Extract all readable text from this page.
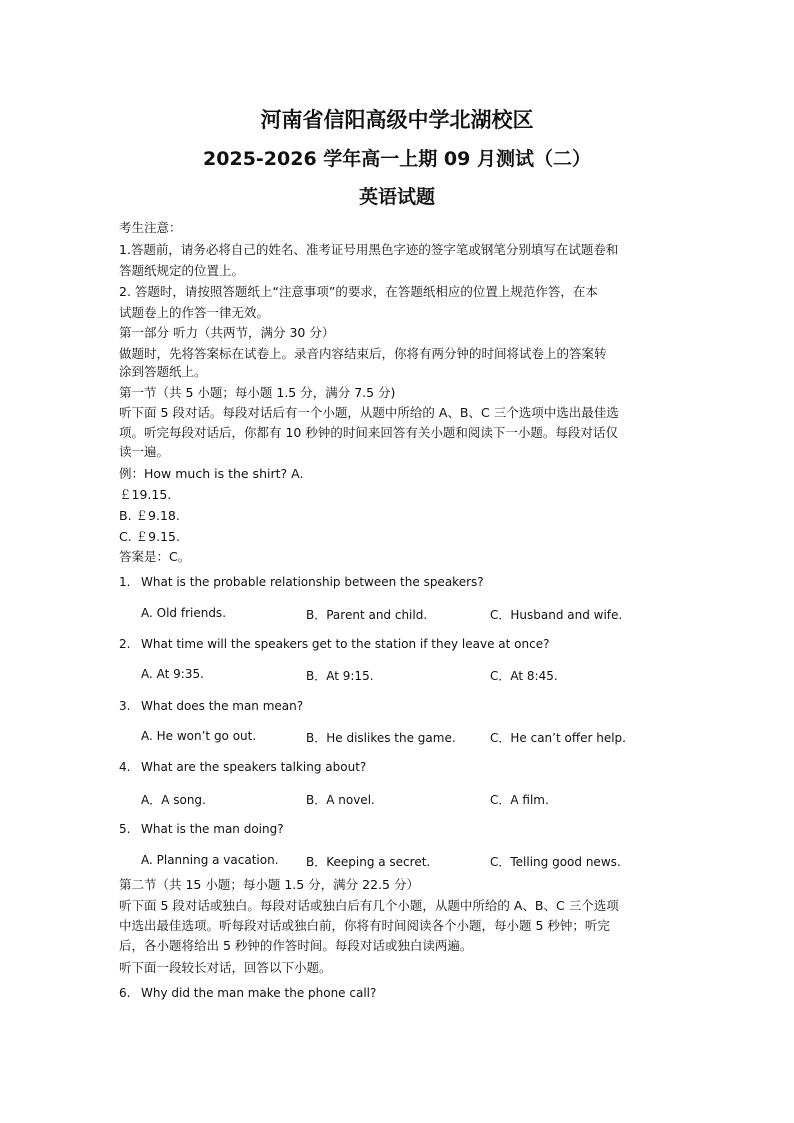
河南省信阳高级中学北湖校区
2025-2026 学年高一上期 09 月测试（二）
英语试题
考生注意：
1.答题前，请务必将自己的姓名、准考证号用黑色字迹的签字笔或钢笔分别填写在试题卷和
答题纸规定的位置上。
2. 答题时，请按照答题纸上“注意事项”的要求，在答题纸相应的位置上规范作答，在本
试题卷上的作答一律无效。
第一部分 听力（共两节，满分 30 分）
做题时，先将答案标在试卷上。录音内容结束后，你将有两分钟的时间将试卷上的答案转
涂到答题纸上。
第一节（共 5 小题；每小题 1.5 分，满分 7.5 分)
听下面 5 段对话。每段对话后有一个小题，从题中所给的 A、B、C 三个选项中选出最佳选
项。听完每段对话后，你都有 10 秒钟的时间来回答有关小题和阅读下一小题。每段对话仅
读一遍。
例：How much is the shirt? A.
￡19.15.
B. ￡9.18.
C. ￡9.15.
答案是：C。
1. What is the probable relationship between the speakers?
A. Old friends.	B．Parent and child.	C．Husband and wife.
2. What time will the speakers get to the station if they leave at once?
A. At 9:35.	B．At 9:15.	C．At 8:45.
3. What does the man mean?
A. He won’t go out.	B．He dislikes the game.	C．He can’t offer help.
4. What are the speakers talking about?
A．A song.	B．A novel.	C．A film.
5. What is the man doing?
A. Planning a vacation. B．Keeping a secret.	C．Telling good news.
第二节（共 15 小题；每小题 1.5 分，满分 22.5 分）
听下面 5 段对话或独白。每段对话或独白后有几个小题，从题中所给的 A、B、C 三个选项
中选出最佳选项。听每段对话或独白前，你将有时间阅读各个小题，每小题 5 秒钟；听完
后，各小题将给出 5 秒钟的作答时间。每段对话或独白读两遍。
听下面一段较长对话，回答以下小题。
6. Why did the man make the phone call?
